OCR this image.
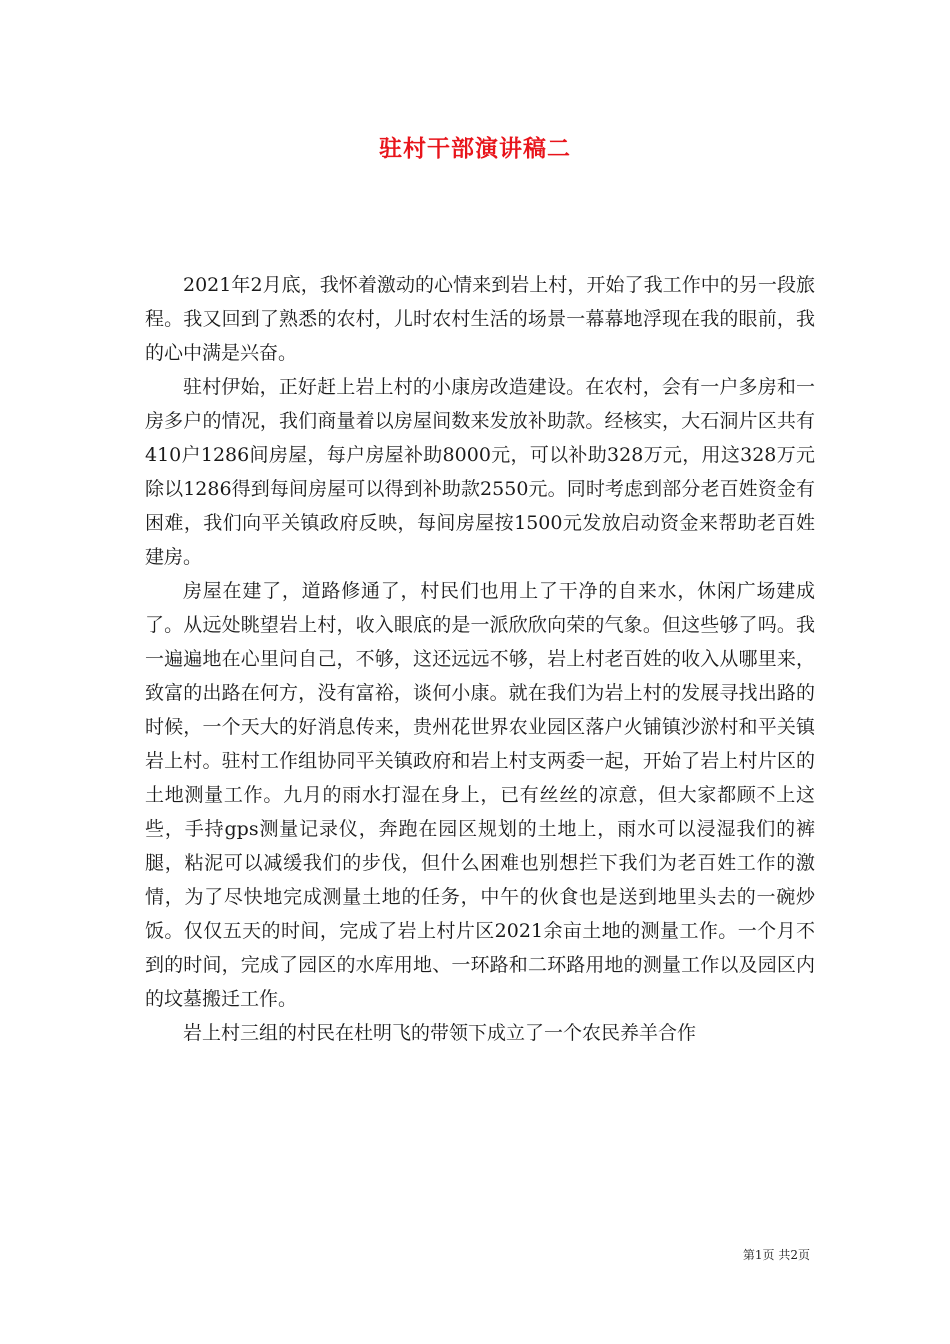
驻村干部演讲稿二

2021年2月底，我怀着激动的心情来到岩上村，开始了我工作中的另一段旅程。我又回到了熟悉的农村，儿时农村生活的场景一幕幕地浮现在我的眼前，我的心中满是兴奋。

驻村伊始，正好赶上岩上村的小康房改造建设。在农村，会有一户多房和一房多户的情况，我们商量着以房屋间数来发放补助款。经核实，大石洞片区共有410户1286间房屋，每户房屋补助8000元，可以补助328万元，用这328万元除以1286得到每间房屋可以得到补助款2550元。同时考虑到部分老百姓资金有困难，我们向平关镇政府反映，每间房屋按1500元发放启动资金来帮助老百姓建房。

房屋在建了，道路修通了，村民们也用上了干净的自来水，休闲广场建成了。从远处眺望岩上村，收入眼底的是一派欣欣向荣的气象。但这些够了吗。我一遍遍地在心里问自己，不够，这还远远不够，岩上村老百姓的收入从哪里来，致富的出路在何方，没有富裕，谈何小康。就在我们为岩上村的发展寻找出路的时候，一个天大的好消息传来，贵州花世界农业园区落户火铺镇沙淤村和平关镇岩上村。驻村工作组协同平关镇政府和岩上村支两委一起，开始了岩上村片区的土地测量工作。九月的雨水打湿在身上，已有丝丝的凉意，但大家都顾不上这些，手持gps测量记录仪，奔跑在园区规划的土地上，雨水可以浸湿我们的裤腿，粘泥可以减缓我们的步伐，但什么困难也别想拦下我们为老百姓工作的激情，为了尽快地完成测量土地的任务，中午的伙食也是送到地里头去的一碗炒饭。仅仅五天的时间，完成了岩上村片区2021余亩土地的测量工作。一个月不到的时间，完成了园区的水库用地、一环路和二环路用地的测量工作以及园区内的坟墓搬迁工作。

岩上村三组的村民在杜明飞的带领下成立了一个农民养羊合作

第1页 共2页
